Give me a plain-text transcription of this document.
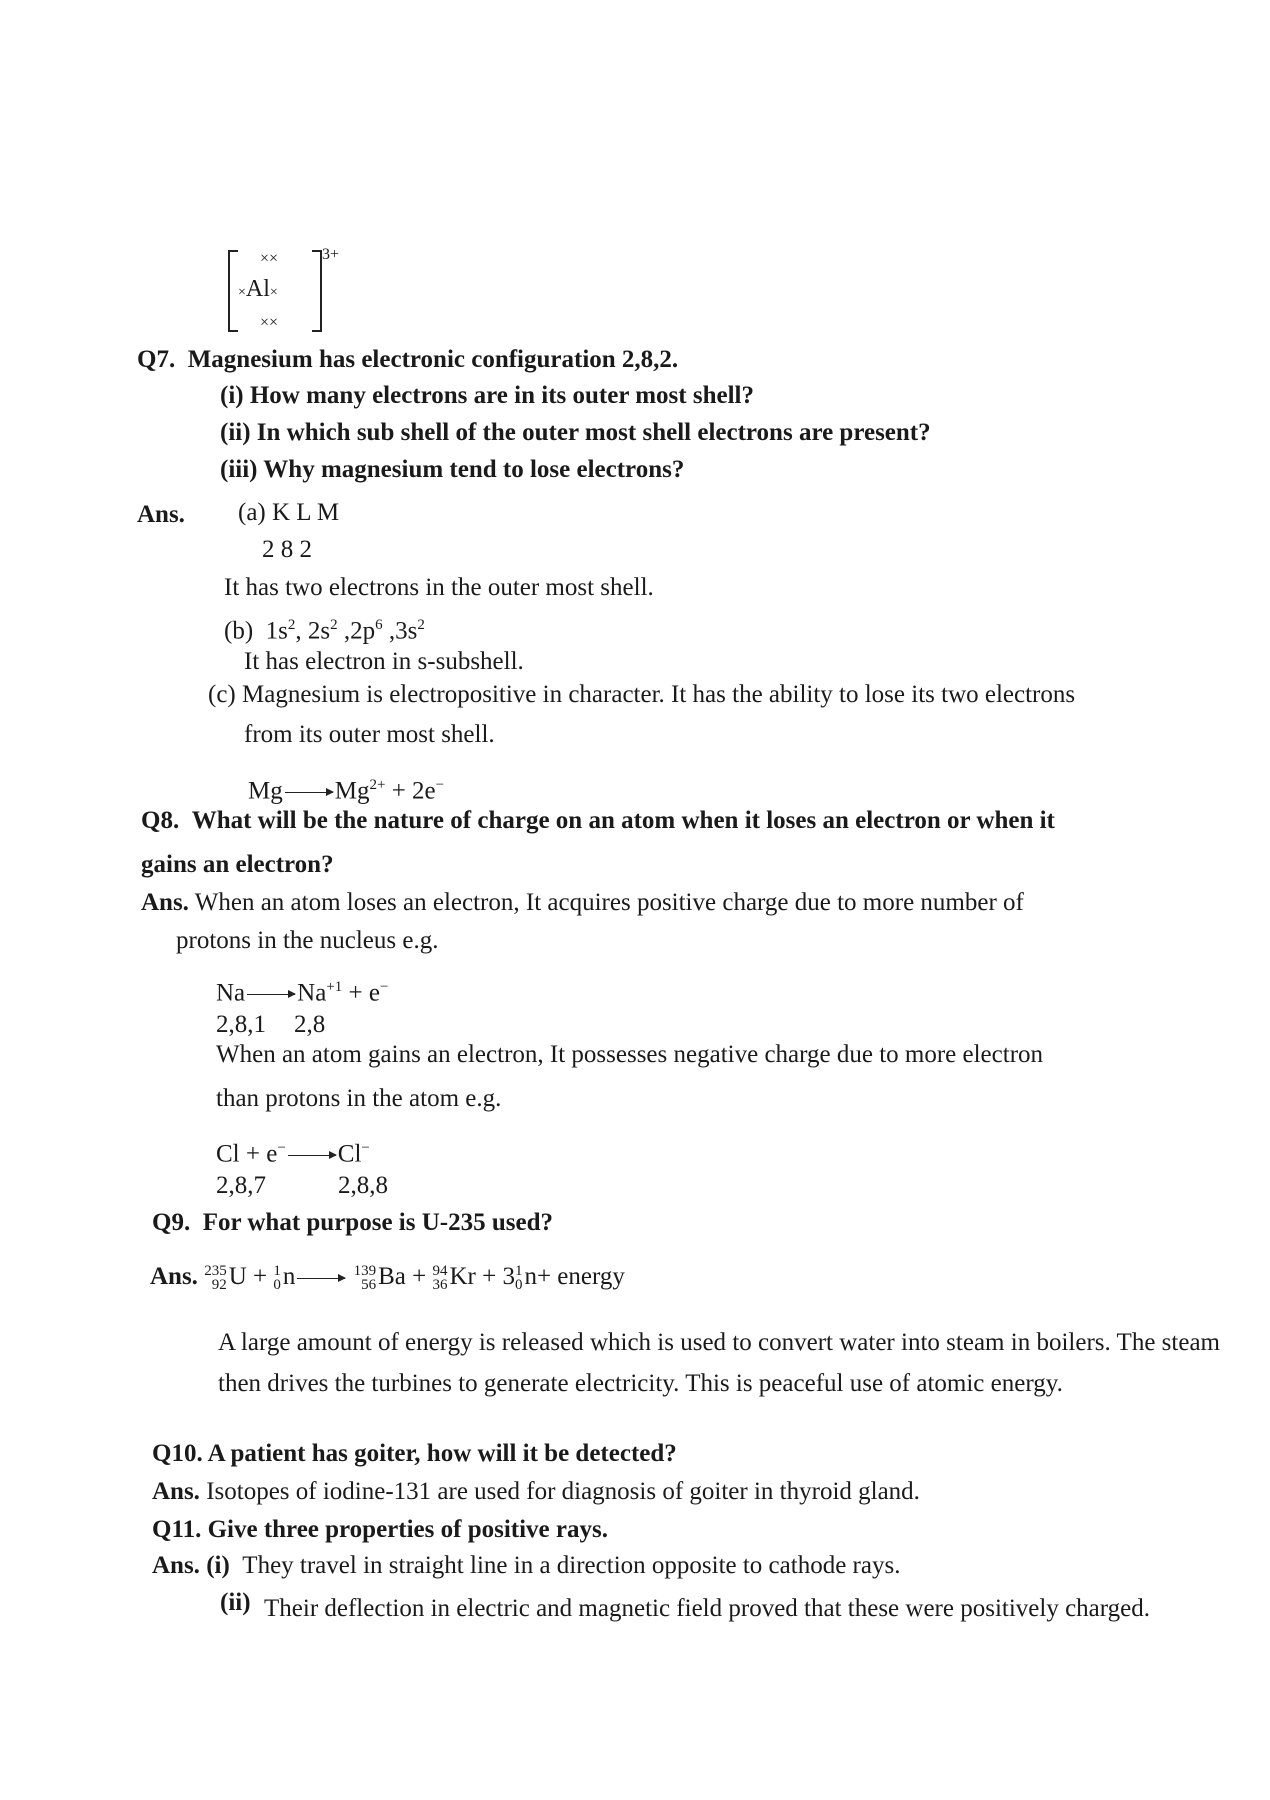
××
××
×Al×
3+
Q7. Magnesium has electronic configuration 2,8,2.
(i) How many electrons are in its outer most shell?
(ii) In which sub shell of the outer most shell electrons are present?
(iii) Why magnesium tend to lose electrons?
Ans. (a) K L M
2 8 2
It has two electrons in the outer most shell.
(b) $1s^2$, $2s^2$ $,2p^6$ $,3s^2$
It has electron in s-subshell.
(c) Magnesium is electropositive in character. It has the ability to lose its two electrons
from its outer most shell.
Mg $Mg^{2+} + 2e^-$
Q8. What will be the nature of charge on an atom when it loses an electron or when it
gains an electron?
Ans. When an atom loses an electron, It acquires positive charge due to more number of
protons in the nucleus e.g.
Na $Na^{+1} + e^-$
2,8,1 2,8
When an atom gains an electron, It possesses negative charge due to more electron
than protons in the atom e.g.
Cl + e− Cl−
2,8,7	2,8,8
Q9. For what purpose is U-235 used?
Ans. 235
92 U + 1
0 n	139
56 Ba + 94
36 Kr + 3 1
0 n+ energy
A large amount of energy is released which is used to convert water into steam in boilers. The steam then drives the turbines to generate electricity. This is peaceful use of atomic energy.
Q10. A patient has goiter, how will it be detected?
Ans. Isotopes of iodine-131 are used for diagnosis of goiter in thyroid gland.
Q11. Give three properties of positive rays.
Ans. (i) They travel in straight line in a direction opposite to cathode rays.
(ii) Their deflection in electric and magnetic field proved that these were positively charged.
